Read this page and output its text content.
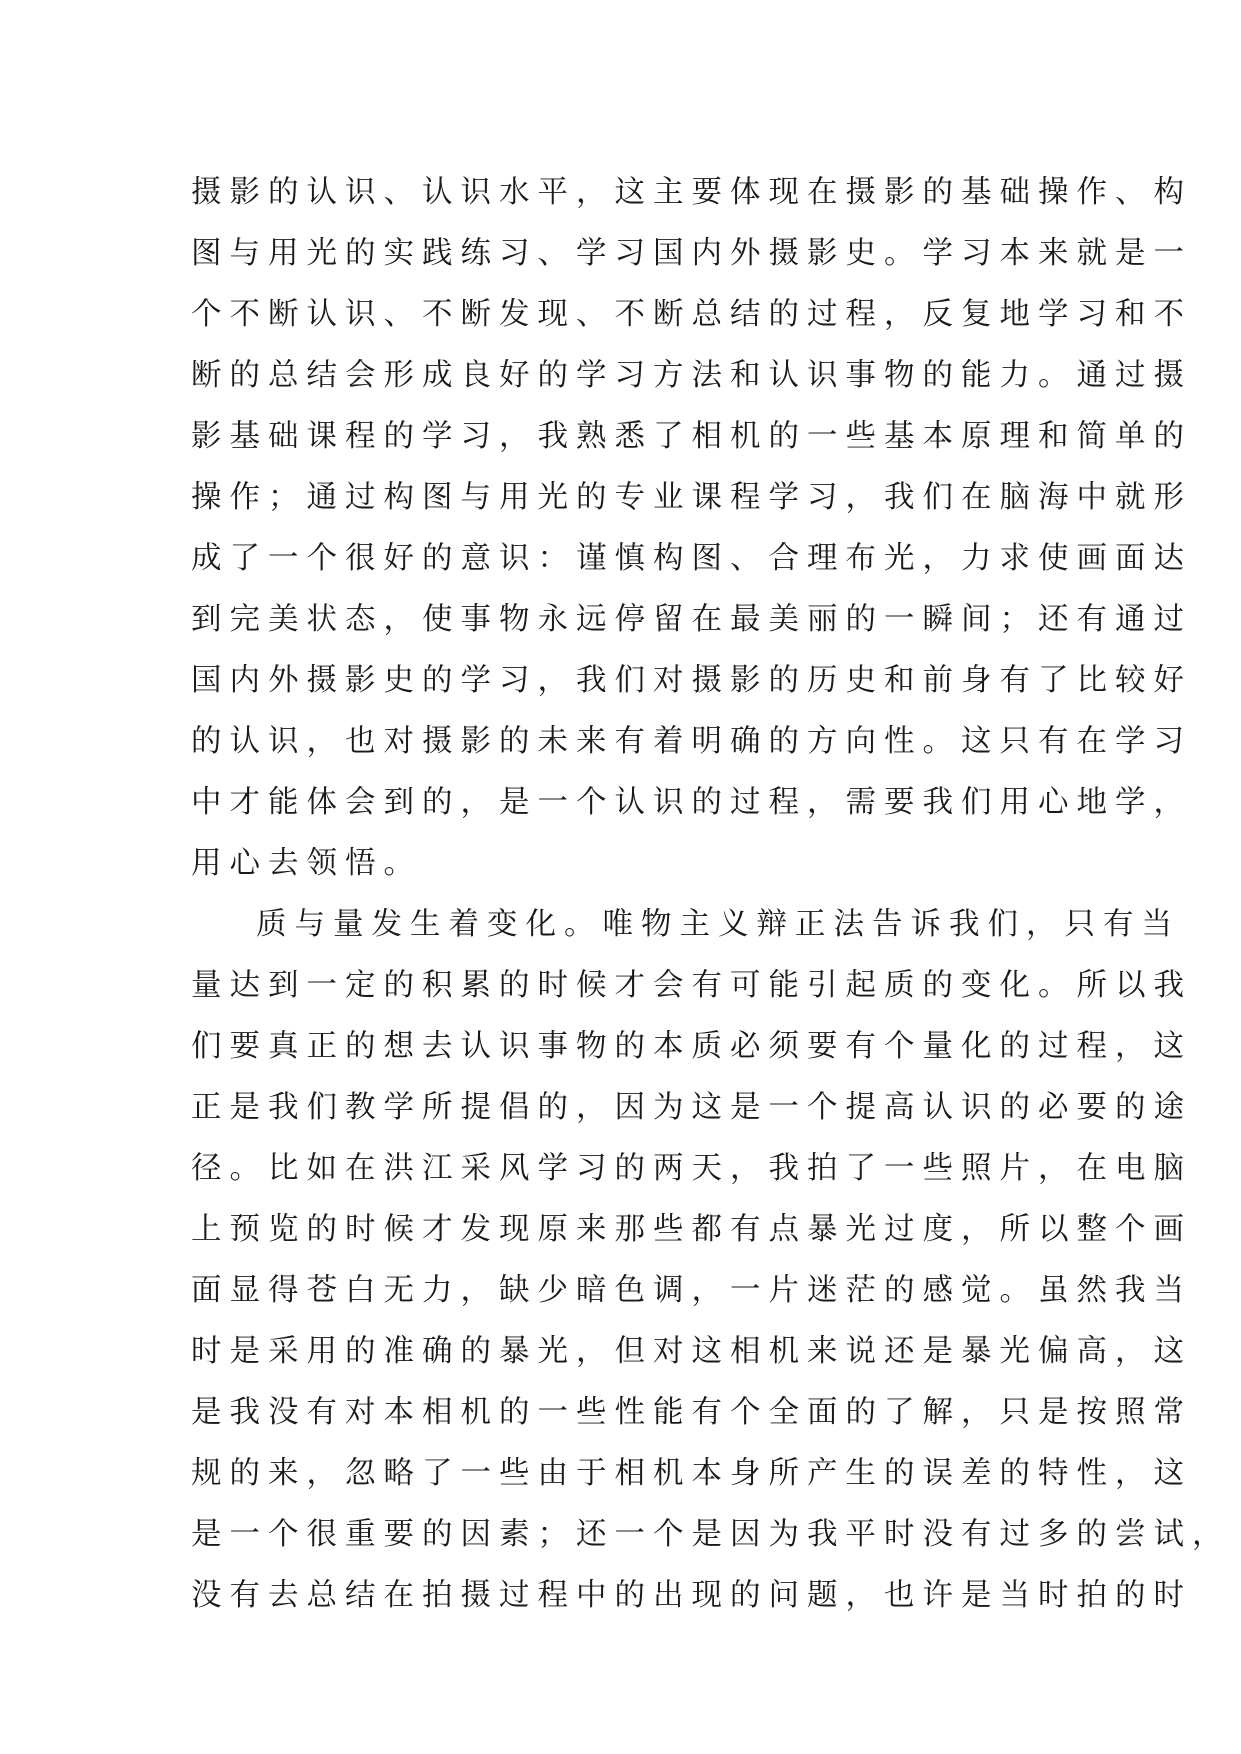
摄影的认识、认识水平，这主要体现在摄影的基础操作、构
图与用光的实践练习、学习国内外摄影史。学习本来就是一
个不断认识、不断发现、不断总结的过程，反复地学习和不
断的总结会形成良好的学习方法和认识事物的能力。通过摄
影基础课程的学习，我熟悉了相机的一些基本原理和简单的
操作；通过构图与用光的专业课程学习，我们在脑海中就形
成了一个很好的意识：谨慎构图、合理布光，力求使画面达
到完美状态，使事物永远停留在最美丽的一瞬间；还有通过
国内外摄影史的学习，我们对摄影的历史和前身有了比较好
的认识，也对摄影的未来有着明确的方向性。这只有在学习
中才能体会到的，是一个认识的过程，需要我们用心地学，
用心去领悟。
质与量发生着变化。唯物主义辩正法告诉我们，只有当
量达到一定的积累的时候才会有可能引起质的变化。所以我
们要真正的想去认识事物的本质必须要有个量化的过程，这
正是我们教学所提倡的，因为这是一个提高认识的必要的途
径。比如在洪江采风学习的两天，我拍了一些照片，在电脑
上预览的时候才发现原来那些都有点暴光过度，所以整个画
面显得苍白无力，缺少暗色调，一片迷茫的感觉。虽然我当
时是采用的准确的暴光，但对这相机来说还是暴光偏高，这
是我没有对本相机的一些性能有个全面的了解，只是按照常
规的来，忽略了一些由于相机本身所产生的误差的特性，这
是一个很重要的因素；还一个是因为我平时没有过多的尝试，
没有去总结在拍摄过程中的出现的问题，也许是当时拍的时
